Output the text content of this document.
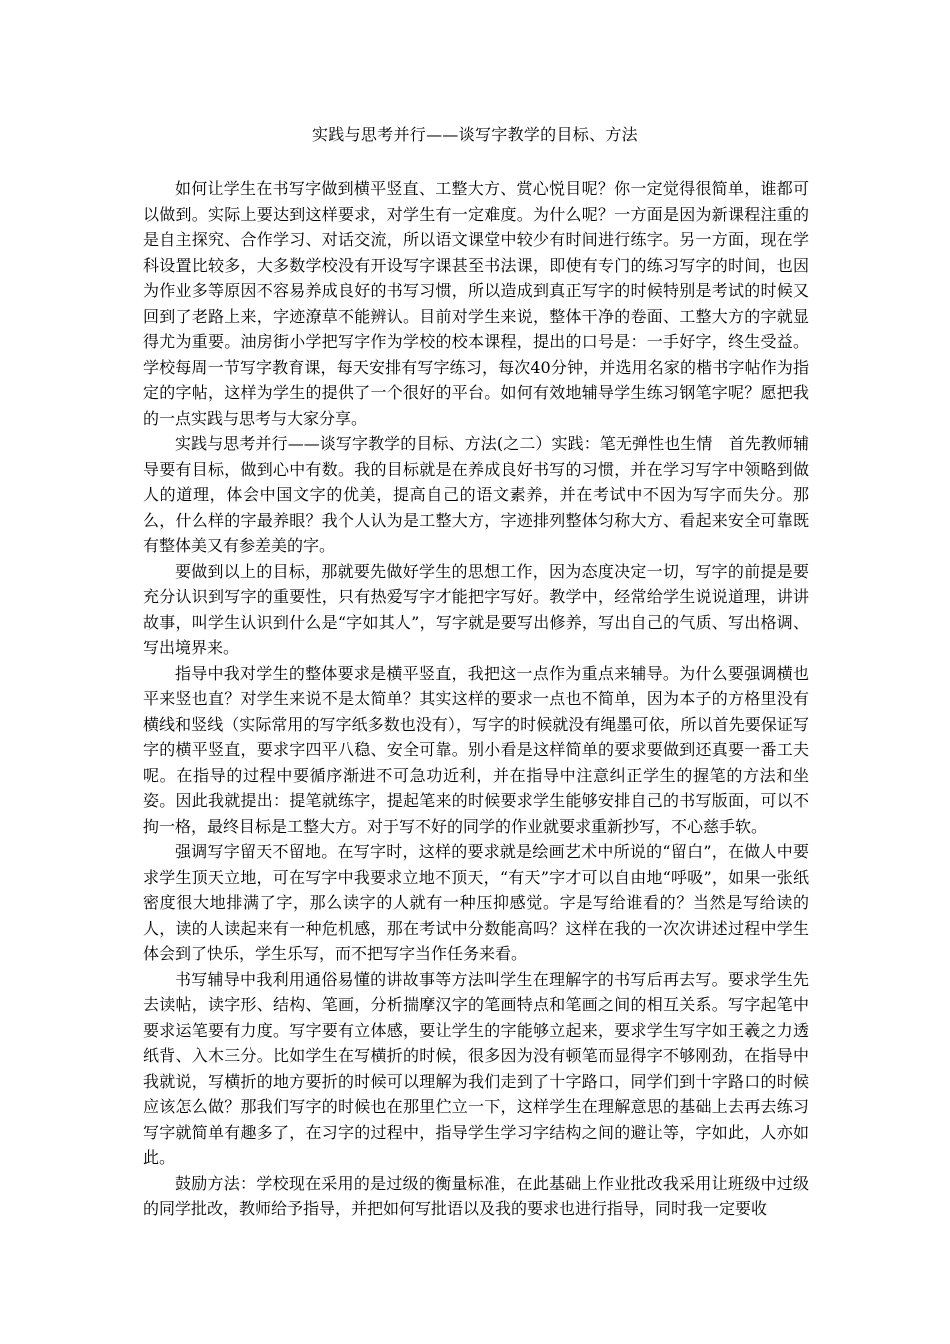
实践与思考并行——谈写字教学的目标、方法

如何让学生在书写字做到横平竖直、工整大方、赏心悦目呢？你一定觉得很简单，谁都可以做到。实际上要达到这样要求，对学生有一定难度。为什么呢？一方面是因为新课程注重的是自主探究、合作学习、对话交流，所以语文课堂中较少有时间进行练字。另一方面，现在学科设置比较多，大多数学校没有开设写字课甚至书法课，即使有专门的练习写字的时间，也因为作业多等原因不容易养成良好的书写习惯，所以造成到真正写字的时候特别是考试的时候又回到了老路上来，字迹潦草不能辨认。目前对学生来说，整体干净的卷面、工整大方的字就显得尤为重要。油房街小学把写字作为学校的校本课程，提出的口号是：一手好字，终生受益。学校每周一节写字教育课，每天安排有写字练习，每次40分钟，并选用名家的楷书字帖作为指定的字帖，这样为学生的提供了一个很好的平台。如何有效地辅导学生练习钢笔字呢？愿把我的一点实践与思考与大家分享。

实践与思考并行——谈写字教学的目标、方法(之二）实践：笔无弹性也生情　首先教师辅导要有目标，做到心中有数。我的目标就是在养成良好书写的习惯，并在学习写字中领略到做人的道理，体会中国文字的优美，提高自己的语文素养，并在考试中不因为写字而失分。那么，什么样的字最养眼？我个人认为是工整大方，字迹排列整体匀称大方、看起来安全可靠既有整体美又有参差美的字。

要做到以上的目标，那就要先做好学生的思想工作，因为态度决定一切，写字的前提是要充分认识到写字的重要性，只有热爱写字才能把字写好。教学中，经常给学生说说道理，讲讲故事，叫学生认识到什么是“字如其人”，写字就是要写出修养，写出自己的气质、写出格调、写出境界来。

指导中我对学生的整体要求是横平竖直，我把这一点作为重点来辅导。为什么要强调横也平来竖也直？对学生来说不是太简单？其实这样的要求一点也不简单，因为本子的方格里没有横线和竖线（实际常用的写字纸多数也没有），写字的时候就没有绳墨可依，所以首先要保证写字的横平竖直，要求字四平八稳、安全可靠。别小看是这样简单的要求要做到还真要一番工夫呢。在指导的过程中要循序渐进不可急功近利，并在指导中注意纠正学生的握笔的方法和坐姿。因此我就提出：提笔就练字，提起笔来的时候要求学生能够安排自己的书写版面，可以不拘一格，最终目标是工整大方。对于写不好的同学的作业就要求重新抄写，不心慈手软。

强调写字留天不留地。在写字时，这样的要求就是绘画艺术中所说的“留白”，在做人中要求学生顶天立地，可在写字中我要求立地不顶天，“有天”字才可以自由地“呼吸”，如果一张纸密度很大地排满了字，那么读字的人就有一种压抑感觉。字是写给谁看的？当然是写给读的人，读的人读起来有一种危机感，那在考试中分数能高吗？这样在我的一次次讲述过程中学生体会到了快乐，学生乐写，而不把写字当作任务来看。

书写辅导中我利用通俗易懂的讲故事等方法叫学生在理解字的书写后再去写。要求学生先去读帖，读字形、结构、笔画，分析揣摩汉字的笔画特点和笔画之间的相互关系。写字起笔中要求运笔要有力度。写字要有立体感，要让学生的字能够立起来，要求学生写字如王羲之力透纸背、入木三分。比如学生在写横折的时候，很多因为没有顿笔而显得字不够刚劲，在指导中我就说，写横折的地方要折的时候可以理解为我们走到了十字路口，同学们到十字路口的时候应该怎么做？那我们写字的时候也在那里伫立一下，这样学生在理解意思的基础上去再去练习写字就简单有趣多了，在习字的过程中，指导学生学习字结构之间的避让等，字如此，人亦如此。

鼓励方法：学校现在采用的是过级的衡量标准，在此基础上作业批改我采用让班级中过级的同学批改，教师给予指导，并把如何写批语以及我的要求也进行指导，同时我一定要收
